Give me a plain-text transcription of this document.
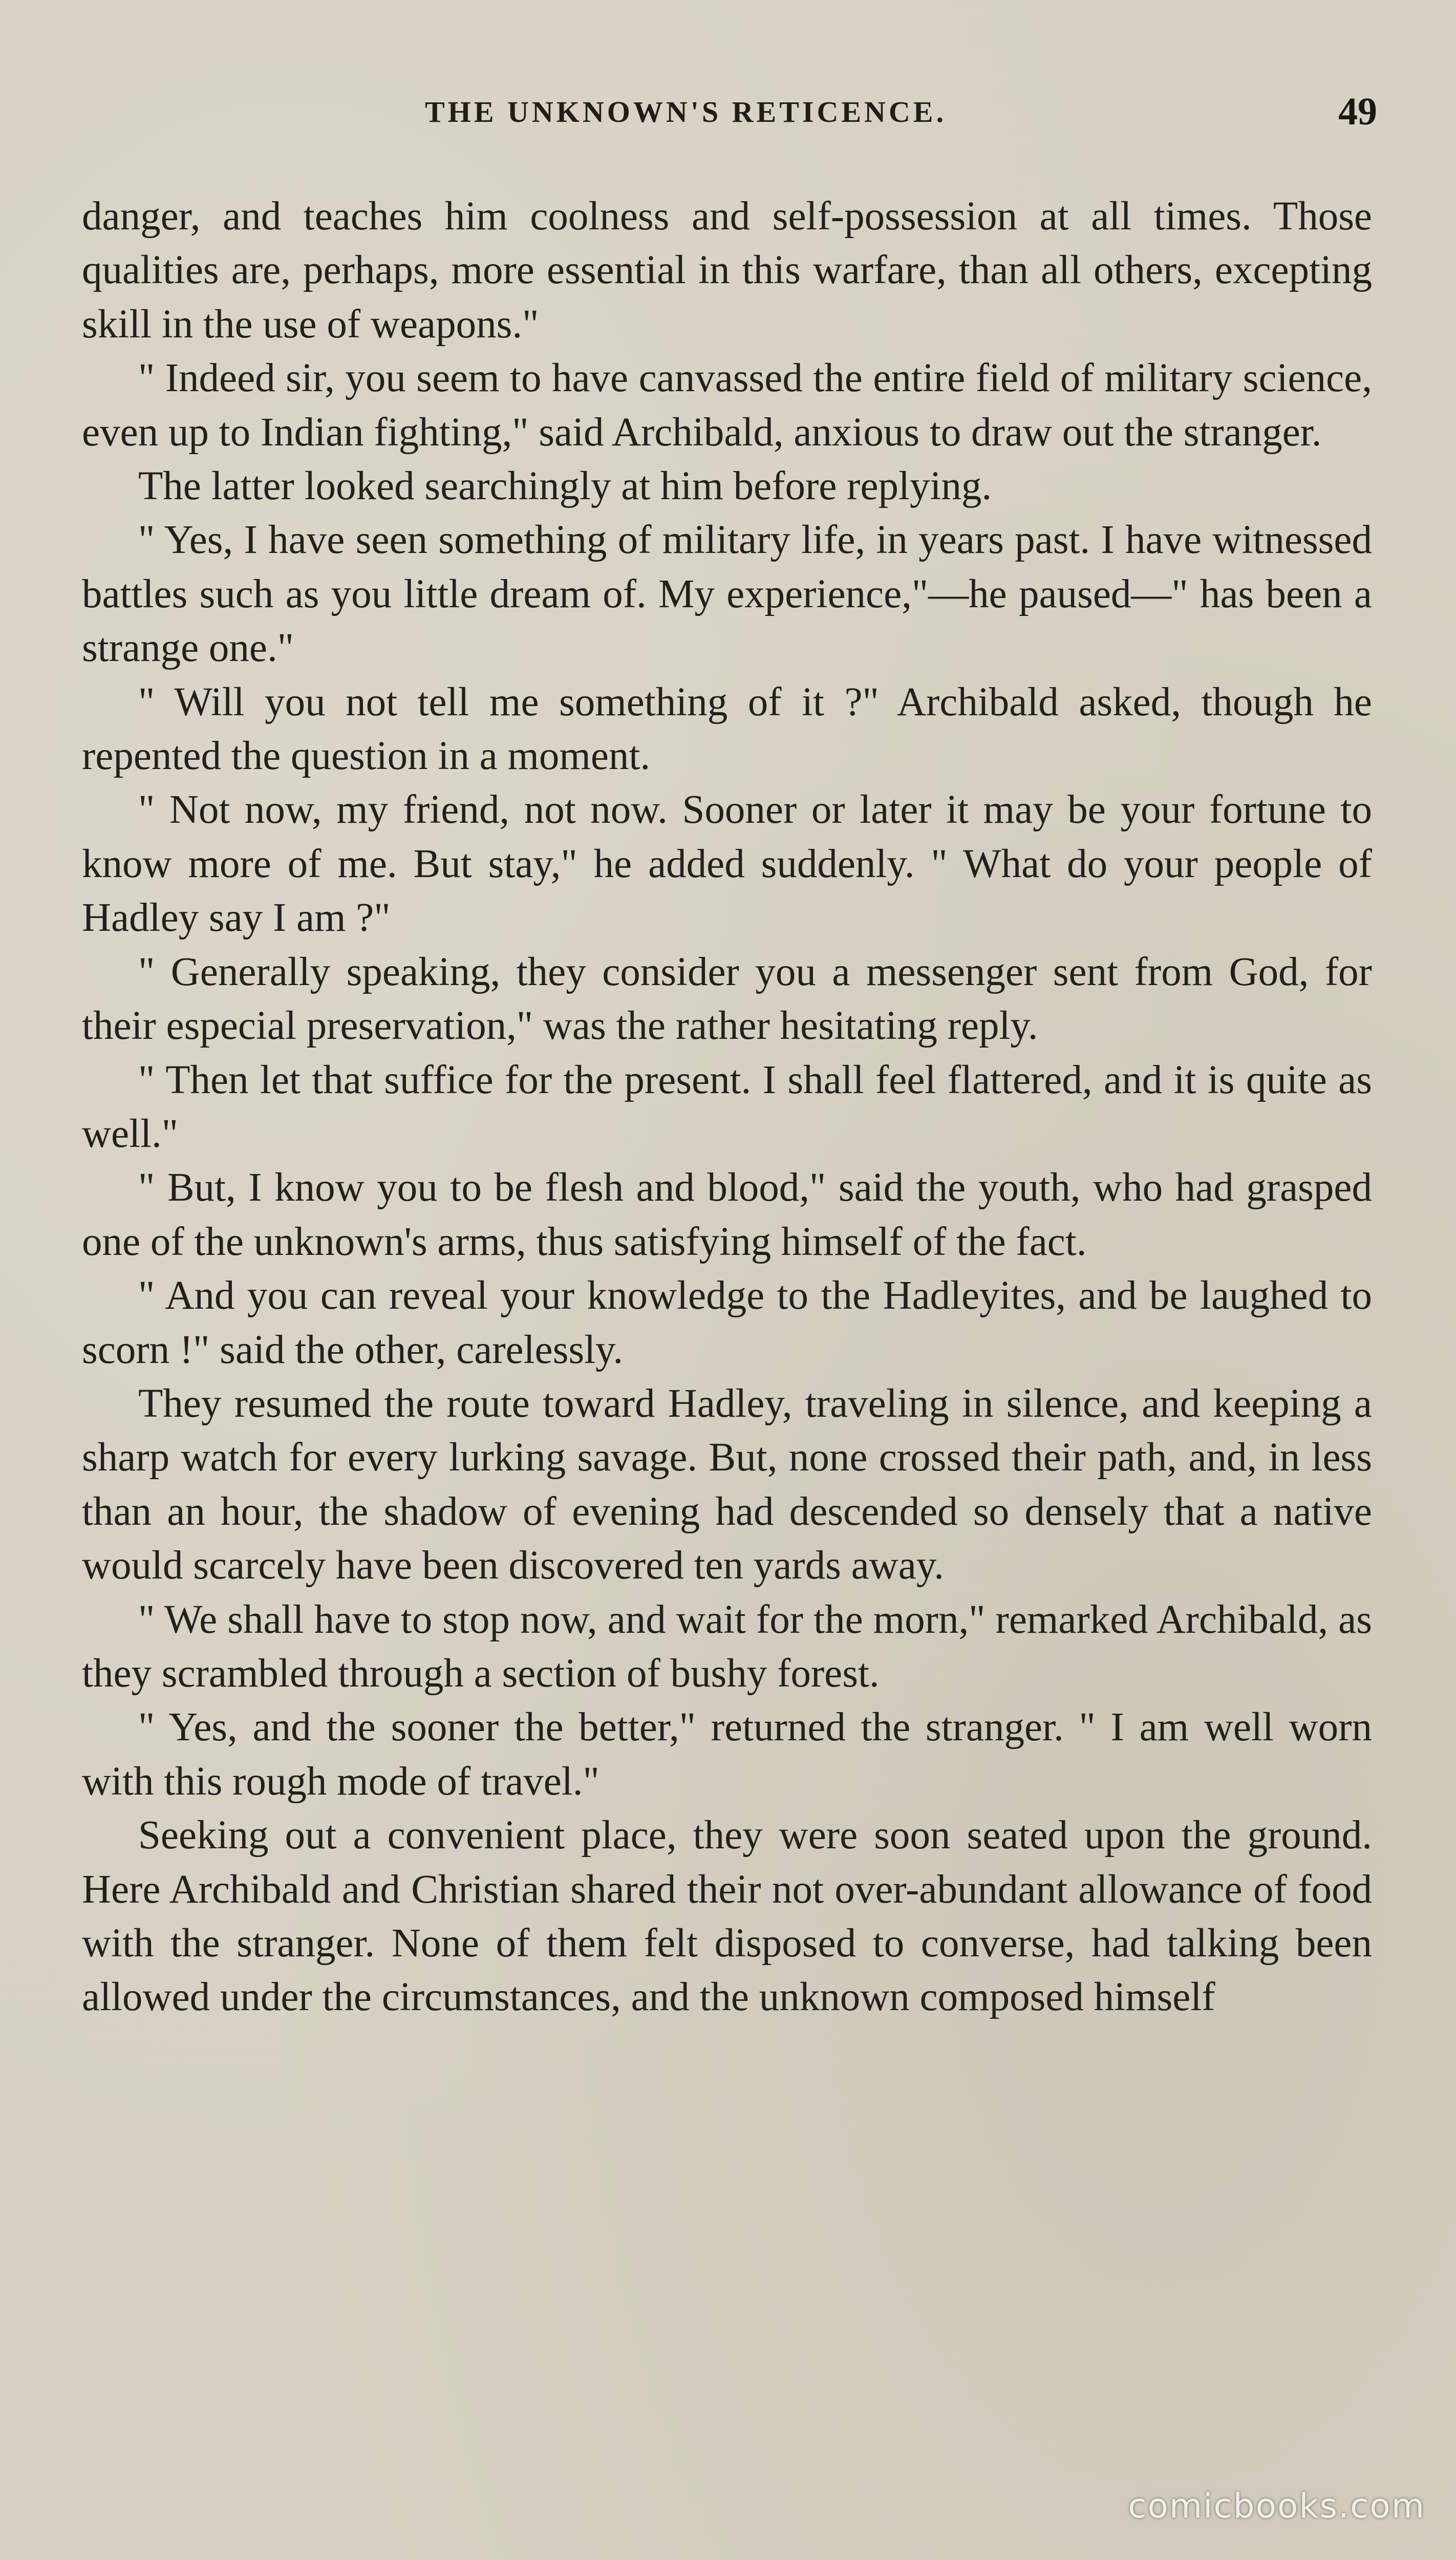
THE UNKNOWN'S RETICENCE.	49

danger, and teaches him coolness and self-possession at all times. Those qualities are, perhaps, more essential in this warfare, than all others, excepting skill in the use of weapons."

" Indeed sir, you seem to have canvassed the entire field of military science, even up to Indian fighting," said Archibald, anxious to draw out the stranger.

The latter looked searchingly at him before replying.

" Yes, I have seen something of military life, in years past. I have witnessed battles such as you little dream of. My experience,"—he paused—" has been a strange one."

" Will you not tell me something of it ?" Archibald asked, though he repented the question in a moment.

" Not now, my friend, not now. Sooner or later it may be your fortune to know more of me. But stay," he added suddenly. " What do your people of Hadley say I am ?"

" Generally speaking, they consider you a messenger sent from God, for their especial preservation," was the rather hesitating reply.

" Then let that suffice for the present. I shall feel flattered, and it is quite as well."

" But, I know you to be flesh and blood," said the youth, who had grasped one of the unknown's arms, thus satisfying himself of the fact.

" And you can reveal your knowledge to the Hadleyites, and be laughed to scorn !" said the other, carelessly.

They resumed the route toward Hadley, traveling in silence, and keeping a sharp watch for every lurking savage. But, none crossed their path, and, in less than an hour, the shadow of evening had descended so densely that a native would scarcely have been discovered ten yards away.

" We shall have to stop now, and wait for the morn," remarked Archibald, as they scrambled through a section of bushy forest.

" Yes, and the sooner the better," returned the stranger. " I am well worn with this rough mode of travel."

Seeking out a convenient place, they were soon seated upon the ground. Here Archibald and Christian shared their not over-abundant allowance of food with the stranger. None of them felt disposed to converse, had talking been allowed under the circumstances, and the unknown composed himself

comicbooks.com
